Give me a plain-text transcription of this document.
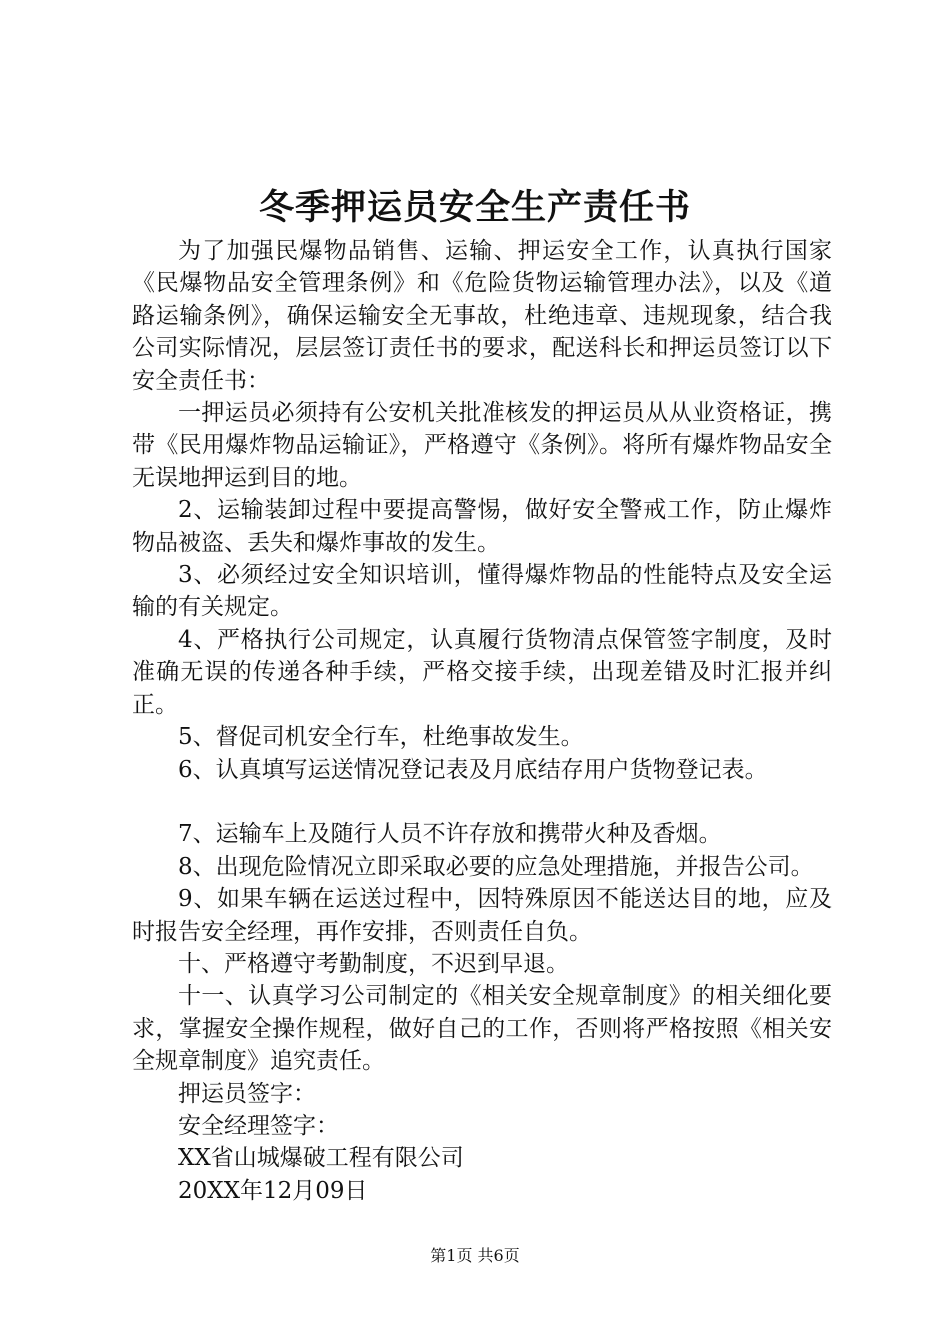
冬季押运员安全生产责任书

为了加强民爆物品销售、运输、押运安全工作，认真执行国家《民爆物品安全管理条例》和《危险货物运输管理办法》，以及《道路运输条例》，确保运输安全无事故，杜绝违章、违规现象，结合我公司实际情况，层层签订责任书的要求，配送科长和押运员签订以下安全责任书：

一押运员必须持有公安机关批准核发的押运员从从业资格证，携带《民用爆炸物品运输证》，严格遵守《条例》。将所有爆炸物品安全无误地押运到目的地。

2、运输装卸过程中要提高警惕，做好安全警戒工作，防止爆炸物品被盗、丢失和爆炸事故的发生。

3、必须经过安全知识培训，懂得爆炸物品的性能特点及安全运输的有关规定。

4、严格执行公司规定，认真履行货物清点保管签字制度，及时准确无误的传递各种手续，严格交接手续，出现差错及时汇报并纠正。

5、督促司机安全行车，杜绝事故发生。

6、认真填写运送情况登记表及月底结存用户货物登记表。

7、运输车上及随行人员不许存放和携带火种及香烟。

8、出现危险情况立即采取必要的应急处理措施，并报告公司。

9、如果车辆在运送过程中，因特殊原因不能送达目的地，应及时报告安全经理，再作安排，否则责任自负。

十、严格遵守考勤制度，不迟到早退。

十一、认真学习公司制定的《相关安全规章制度》的相关细化要求，掌握安全操作规程，做好自己的工作，否则将严格按照《相关安全规章制度》追究责任。

押运员签字：

安全经理签字：

XX省山城爆破工程有限公司

20XX年12月09日

第1页 共6页
